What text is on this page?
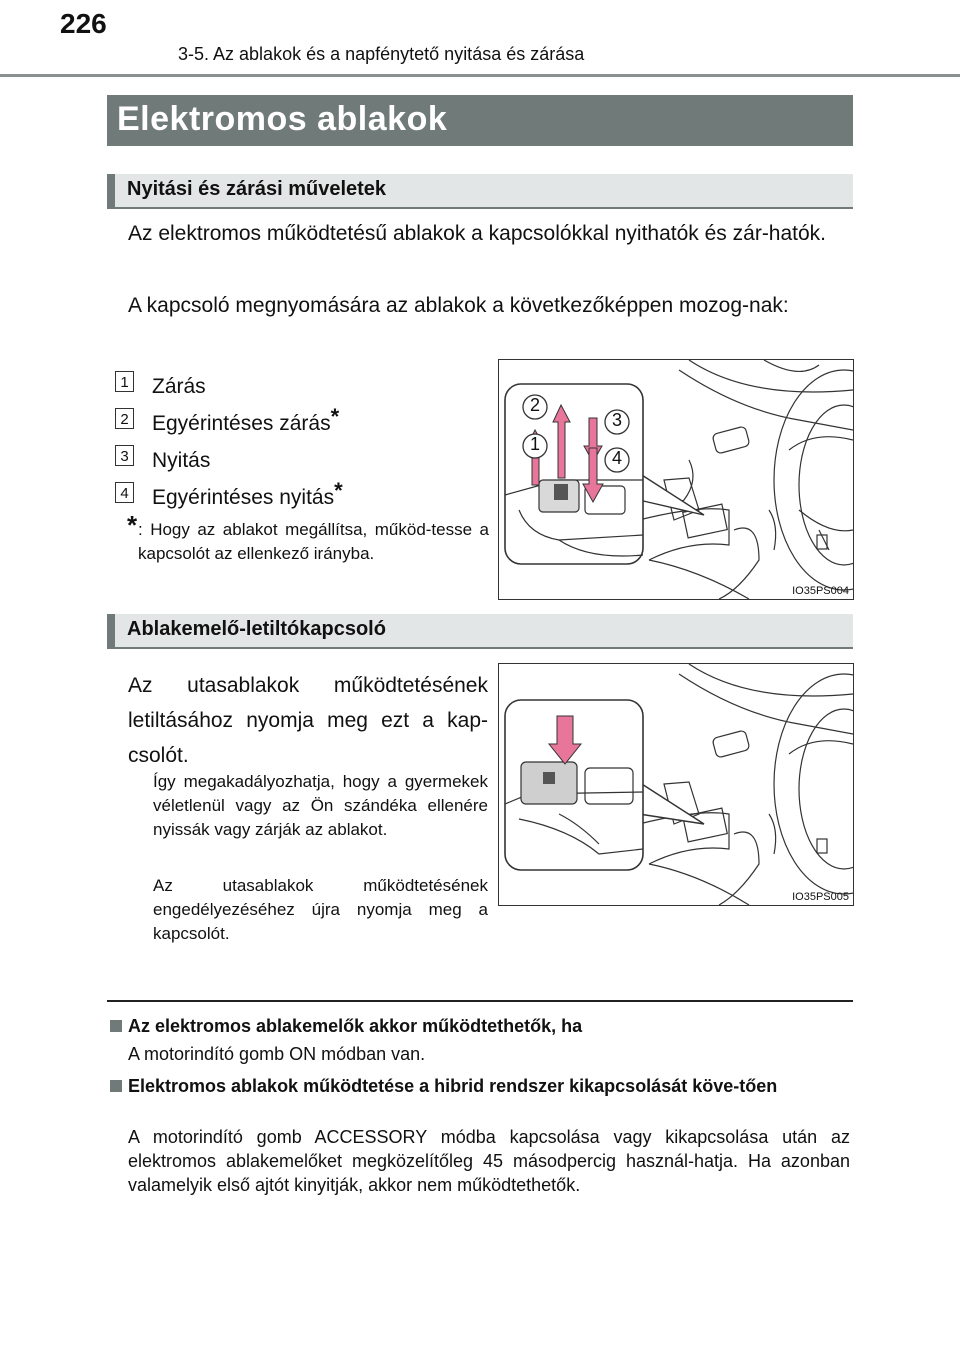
226
3-5. Az ablakok és a napfénytető nyitása és zárása
Elektromos ablakok
Nyitási és zárási műveletek
Az elektromos működtetésű ablakok a kapcsolókkal nyithatók és zár-hatók.
A kapcsoló megnyomására az ablakok a következőképpen mozog-nak:
1 Zárás
2 Egyérintéses zárás*
3 Nyitás
4 Egyérintéses nyitás*
* : Hogy az ablakot megállítsa, működ-tesse a kapcsolót az ellenkező irányba.
2
3
1
4
IO35PS004
Ablakemelő-letiltókapcsoló
Az utasablakok működtetésének letiltásához nyomja meg ezt a kap-csolót.
Így megakadályozhatja, hogy a gyermekek véletlenül vagy az Ön szándéka ellenére nyissák vagy zárják az ablakot.
Az utasablakok működtetésének engedélyezéséhez újra nyomja meg a kapcsolót.
IO35PS005
Az elektromos ablakemelők akkor működtethetők, ha
A motorindító gomb ON módban van.
Elektromos ablakok működtetése a hibrid rendszer kikapcsolását köve-tően
A motorindító gomb ACCESSORY módba kapcsolása vagy kikapcsolása után az elektromos ablakemelőket megközelítőleg 45 másodpercig használ-hatja. Ha azonban valamelyik első ajtót kinyitják, akkor nem működtethetők.
